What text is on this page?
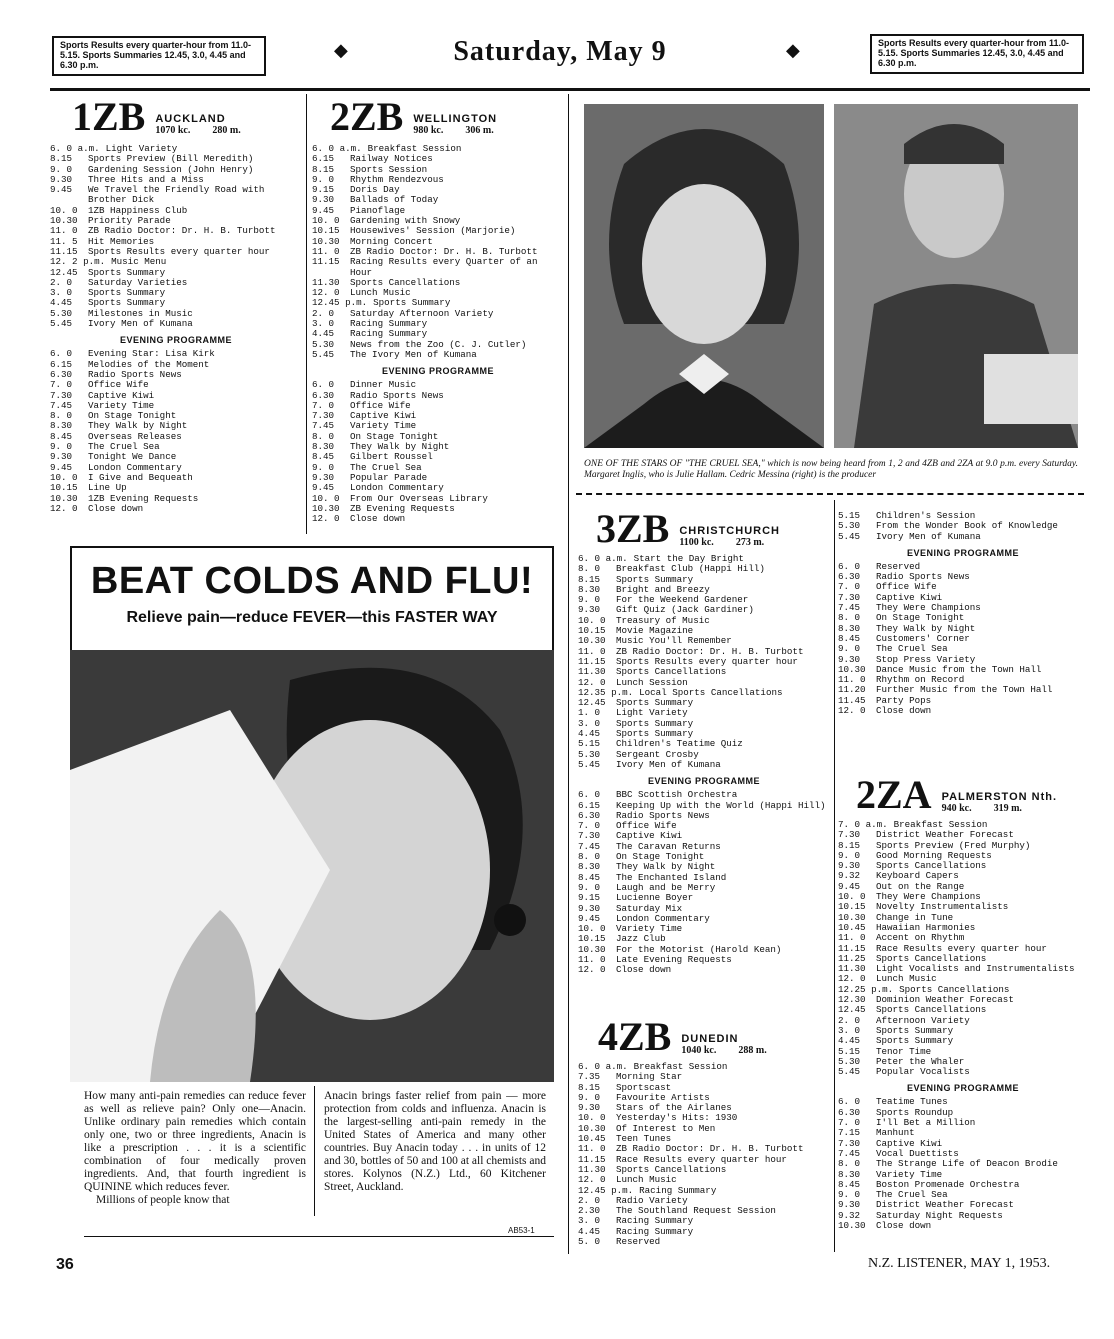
Sports Results every quarter-hour from 11.0-5.15. Sports Summaries 12.45, 3.0, 4.45 and 6.30 p.m.
◆	Saturday, May 9	◆	Sports Results every quarter-hour from 11.0-5.15. Sports Summaries 12.45, 3.0, 4.45 and 6.30 p.m.
1ZB AUCKLAND
1070 kc. 280 m.
6. 0 a.m. Light Variety
8.15	Sports Preview (Bill Meredith)
9. 0	Gardening Session (John Henry)
9.30	Three Hits and a Miss
9.45	We Travel the Friendly Road with Brother Dick
10. 0	1ZB Happiness Club
10.30	Priority Parade
11. 0	ZB Radio Doctor: Dr. H. B. Turbott
11. 5	Hit Memories
11.15	Sports Results every quarter hour
12. 2 p.m. Music Menu
12.45	Sports Summary
2. 0	Saturday Varieties
3. 0	Sports Summary
4.45	Sports Summary
5.30	Milestones in Music
5.45	Ivory Men of Kumana
EVENING PROGRAMME
6. 0	Evening Star: Lisa Kirk
6.15	Melodies of the Moment
6.30	Radio Sports News
7. 0	Office Wife
7.30	Captive Kiwi
7.45	Variety Time
8. 0	On Stage Tonight
8.30	They Walk by Night
8.45	Overseas Releases
9. 0	The Cruel Sea
9.30	Tonight We Dance
9.45	London Commentary
10. 0	I Give and Bequeath
10.15	Line Up
10.30	1ZB Evening Requests
12. 0	Close down
2ZB WELLINGTON
980 kc. 306 m.
6. 0 a.m. Breakfast Session
6.15	Railway Notices
8.15	Sports Session
9. 0	Rhythm Rendezvous
9.15	Doris Day
9.30	Ballads of Today
9.45	Pianoflage
10. 0	Gardening with Snowy
10.15	Housewives' Session (Marjorie)
10.30	Morning Concert
11. 0	ZB Radio Doctor: Dr. H. B. Turbott
11.15	Racing Results every Quarter of an Hour
11.30	Sports Cancellations
12. 0	Lunch Music
12.45 p.m. Sports Summary
2. 0	Saturday Afternoon Variety
3. 0	Racing Summary
4.45	Racing Summary
5.30	News from the Zoo (C. J. Cutler)
5.45	The Ivory Men of Kumana
EVENING PROGRAMME
6. 0	Dinner Music
6.30	Radio Sports News
7. 0	Office Wife
7.30	Captive Kiwi
7.45	Variety Time
8. 0	On Stage Tonight
8.30	They Walk by Night
8.45	Gilbert Roussel
9. 0	The Cruel Sea
9.30	Popular Parade
9.45	London Commentary
10. 0	From Our Overseas Library
10.30	ZB Evening Requests
12. 0	Close down
ONE OF THE STARS OF "THE CRUEL SEA," which is now being heard from 1, 2 and 4ZB and 2ZA at 9.0 p.m. every Saturday. Margaret Inglis, who is Julie Hallam. Cedric Messina (right) is the producer
3ZB CHRISTCHURCH
1100 kc. 273 m.
6. 0 a.m. Start the Day Bright
8. 0	Breakfast Club (Happi Hill)
8.15	Sports Summary
8.30	Bright and Breezy
9. 0	For the Weekend Gardener
9.30	Gift Quiz (Jack Gardiner)
10. 0	Treasury of Music
10.15	Movie Magazine
10.30	Music You'll Remember
11. 0	ZB Radio Doctor: Dr. H. B. Turbott
11.15	Sports Results every quarter hour
11.30	Sports Cancellations
12. 0	Lunch Session
12.35 p.m. Local Sports Cancellations
12.45	Sports Summary
1. 0	Light Variety
3. 0	Sports Summary
4.45	Sports Summary
5.15	Children's Teatime Quiz
5.30	Sergeant Crosby
5.45	Ivory Men of Kumana
EVENING PROGRAMME
6. 0	BBC Scottish Orchestra
6.15	Keeping Up with the World (Happi Hill)
6.30	Radio Sports News
7. 0	Office Wife
7.30	Captive Kiwi
7.45	The Caravan Returns
8. 0	On Stage Tonight
8.30	They Walk by Night
8.45	The Enchanted Island
9. 0	Laugh and be Merry
9.15	Lucienne Boyer
9.30	Saturday Mix
9.45	London Commentary
10. 0	Variety Time
10.15	Jazz Club
10.30	For the Motorist (Harold Kean)
11. 0	Late Evening Requests
12. 0	Close down
4ZB DUNEDIN
1040 kc. 288 m.
6. 0 a.m. Breakfast Session
7.35	Morning Star
8.15	Sportscast
9. 0	Favourite Artists
9.30	Stars of the Airlanes
10. 0	Yesterday's Hits: 1930
10.30	Of Interest to Men
10.45	Teen Tunes
11. 0	ZB Radio Doctor: Dr. H. B. Turbott
11.15	Race Results every quarter hour
11.30	Sports Cancellations
12. 0	Lunch Music
12.45 p.m. Racing Summary
2. 0	Radio Variety
2.30	The Southland Request Session
3. 0	Racing Summary
4.45	Racing Summary
5. 0	Reserved
5.15	Children's Session
5.30	From the Wonder Book of Knowledge
5.45	Ivory Men of Kumana
EVENING PROGRAMME
6. 0	Reserved
6.30	Radio Sports News
7. 0	Office Wife
7.30	Captive Kiwi
7.45	They Were Champions
8. 0	On Stage Tonight
8.30	They Walk by Night
8.45	Customers' Corner
9. 0	The Cruel Sea
9.30	Stop Press Variety
10.30	Dance Music from the Town Hall
11. 0	Rhythm on Record
11.20	Further Music from the Town Hall
11.45	Party Pops
12. 0	Close down
2ZA PALMERSTON Nth.
940 kc. 319 m.
7. 0 a.m. Breakfast Session
7.30	District Weather Forecast
8.15	Sports Preview (Fred Murphy)
9. 0	Good Morning Requests
9.30	Sports Cancellations
9.32	Keyboard Capers
9.45	Out on the Range
10. 0	They Were Champions
10.15	Novelty Instrumentalists
10.30	Change in Tune
10.45	Hawaiian Harmonies
11. 0	Accent on Rhythm
11.15	Race Results every quarter hour
11.25	Sports Cancellations
11.30	Light Vocalists and Instrumentalists
12. 0	Lunch Music
12.25 p.m. Sports Cancellations
12.30	Dominion Weather Forecast
12.45	Sports Cancellations
2. 0	Afternoon Variety
3. 0	Sports Summary
4.45	Sports Summary
5.15	Tenor Time
5.30	Peter the Whaler
5.45	Popular Vocalists
EVENING PROGRAMME
6. 0	Teatime Tunes
6.30	Sports Roundup
7. 0	I'll Bet a Million
7.15	Manhunt
7.30	Captive Kiwi
7.45	Vocal Duettists
8. 0	The Strange Life of Deacon Brodie
8.30	Variety Time
8.45	Boston Promenade Orchestra
9. 0	The Cruel Sea
9.30	District Weather Forecast
9.32	Saturday Night Requests
10.30	Close down
BEAT COLDS AND FLU!
Relieve pain—reduce FEVER—this FASTER WAY
How many anti-pain remedies can reduce fever as well as relieve pain? Only one—Anacin. Unlike ordinary pain remedies which contain only one, two or three ingredients, Anacin is like a prescription . . . it is a scientific combination of four medically proven ingredients. And, that fourth ingredient is QUININE which reduces fever.
Millions of people know that
Anacin brings faster relief from pain — more protection from colds and influenza. Anacin is the largest-selling anti-pain remedy in the United States of America and many other countries. Buy Anacin today . . . in units of 12 and 30, bottles of 50 and 100 at all chemists and stores. Kolynos (N.Z.) Ltd., 60 Kitchener Street, Auckland.
AB53-1
36	N.Z. LISTENER, MAY 1, 1953.
